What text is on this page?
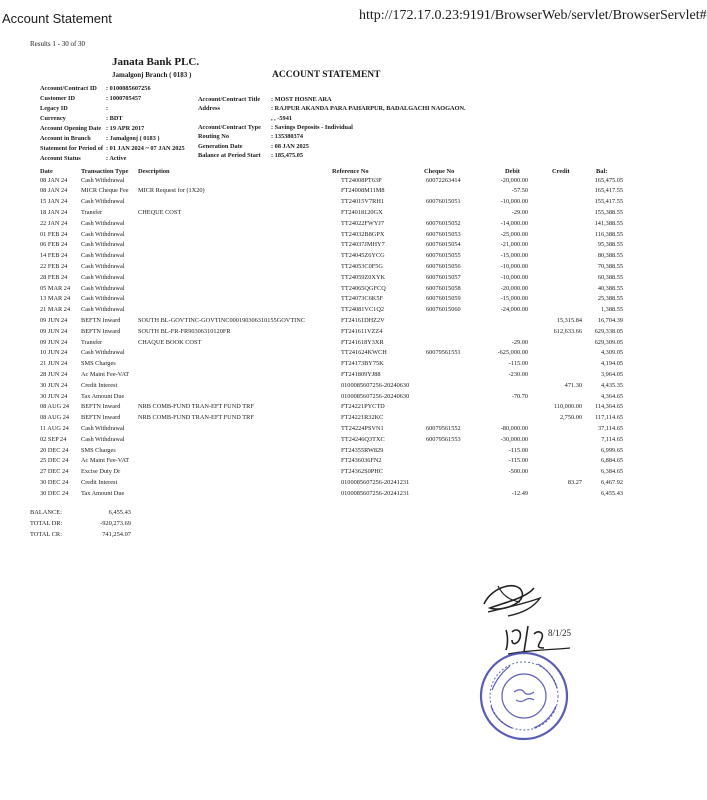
Account Statement	http://172.17.0.23:9191/BrowserWeb/servlet/BrowserServlet#
Results 1 - 30 of 30
Janata Bank PLC.
Jamalgonj Branch ( 0183 )	ACCOUNT STATEMENT
Account/Contract ID : 0100085607256
Customer ID	: 1000705457
Legacy ID	:
Currency	: BDT
Account Opening Date : 19 APR 2017
Account in Branch : Jamalgonj ( 0183 )
Statement for Period of : 01 JAN 2024 ~ 07 JAN 2025
Account Status	: Active
Account/Contract Title : MOST HOSNE ARA
Address	: RAJPUR AKANDA PARA PAHARPUR, BADALGACHI NAOGAON.
, , -5941
Account/Contract Type : Savings Deposits - Individual
Routing No	: 135380374
Generation Date	: 08 JAN 2025
Balance at Period Start : 185,475.05
Date	Transaction Type Description	Reference No	Cheque No	Debit	Credit	Bal:
08 JAN 24 Cash Withdrawal	TT24008PT63P	60072263414	-20,000.00	165,475.05
08 JAN 24 MICR Cheque Fee MICR Request for (1X20)	FT24008M11M8	-57.50	165,417.55
15 JAN 24 Cash Withdrawal	TT24015V7RH1	60076015051	-10,000.00	155,417.55
18 JAN 24 Transfer	CHEQUE COST	FT24018120GX	-29.00	155,388.55
22 JAN 24 Cash Withdrawal	TT24022FWYJ7	60076015052	-14,000.00	141,388.55
01 FEB 24 Cash Withdrawal	TT24032B8GPX	60076015053	-25,000.00	116,388.55
06 FEB 24 Cash Withdrawal	TT24037JMHY7	60076015054	-21,000.00	95,388.55
14 FEB 24 Cash Withdrawal	TT24045Z6YCG	60076015055	-15,000.00	80,388.55
22 FEB 24 Cash Withdrawal	TT24053C0F5G	60076015056	-10,000.00	70,388.55
28 FEB 24 Cash Withdrawal	TT24059Z0XYK	60076015057	-10,000.00	60,388.55
05 MAR 24 Cash Withdrawal	TT24065QGFCQ	60076015058	-20,000.00	40,388.55
13 MAR 24 Cash Withdrawal	TT24073C6K5F	60076015059	-15,000.00	25,388.55
21 MAR 24 Cash Withdrawal	TT24081VC1Q2	60076015060	-24,000.00	1,388.55
09 JUN 24 BEFTN Inward	SOUTH BL-GOVTINC-GOVTINC000190306310155GOVTINC	FT24161DHZ2V	15,315.84	16,704.39
09 JUN 24 BEFTN Inward	SOUTH BL-FR-FR90306310120FR	FT241611VZZ4	612,633.66 629,338.05
09 JUN 24 Transfer	CHAQUE BOOK COST	FT241618Y3XR	-29.00	629,309.05
10 JUN 24 Cash Withdrawal	TT241624KWCH	60079561551	-625,000.00	4,309.05
21 JUN 24 SMS Charges	FT24173BY75K	-115.00	4,194.05
28 JUN 24 Ac Maint Fee-VAT	FT241809YJ88	-230.00	3,964.05
30 JUN 24 Credit Interest	0100085607256-20240630	471.30	4,435.35
30 JUN 24 Tax Amount Due	0100085607256-20240630	-70.70	4,364.65
08 AUG 24 BEFTN Inward	NRB COMB-FUND TRAN-EFT FUND TRF	FT24221PYCTD	110,000.00 114,364.65
08 AUG 24 BEFTN Inward	NRB COMB-FUND TRAN-EFT FUND TRF	FT24221R32KC	2,750.00 117,114.65
11 AUG 24 Cash Withdrawal	TT24224PSVN1	60079561552	-80,000.00	37,114.65
02 SEP 24 Cash Withdrawal	TT24246Q3TXC	60079561553	-30,000.00	7,114.65
20 DEC 24 SMS Charges	FT24355RW829	-115.00	6,999.65
25 DEC 24 Ac Maint Fee-VAT	FT2436036FN2	-115.00	6,884.65
27 DEC 24 Excise Duty Dr	FT24362S0PHC	-500.00	6,384.65
30 DEC 24 Credit Interest	0100085607256-20241231	83.27	6,467.92
30 DEC 24 Tax Amount Due	0100085607256-20241231	-12.49	6,455.43
BALANCE:	6,455.43
TOTAL DR:	-920,273.69
TOTAL CR:	741,254.07
8/1/25
